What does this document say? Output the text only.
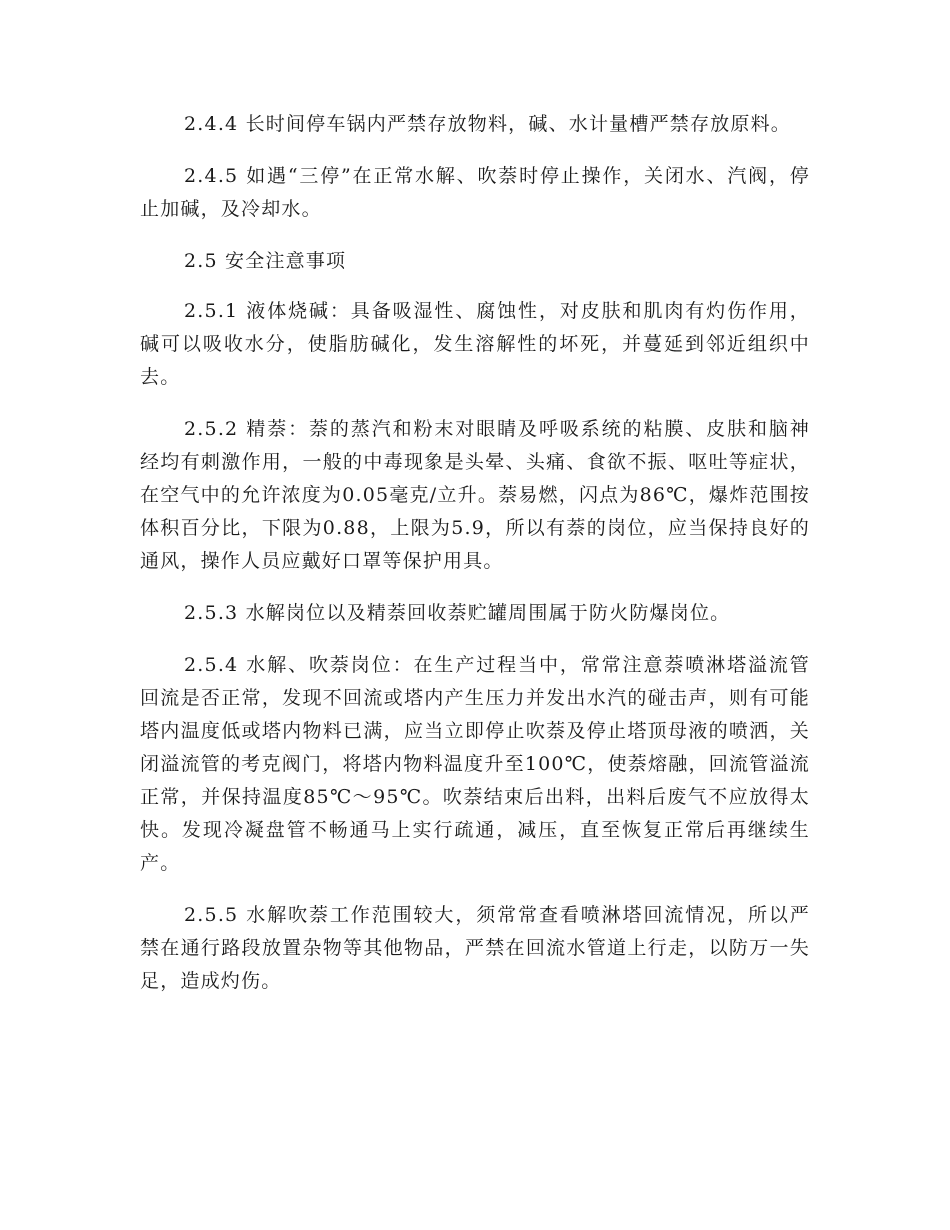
2.4.4 长时间停车锅内严禁存放物料，碱、水计量槽严禁存放原料。

2.4.5 如遇“三停”在正常水解、吹萘时停止操作，关闭水、汽阀，停止加碱，及冷却水。

2.5 安全注意事项

2.5.1 液体烧碱：具备吸湿性、腐蚀性，对皮肤和肌肉有灼伤作用，碱可以吸收水分，使脂肪碱化，发生溶解性的坏死，并蔓延到邻近组织中去。

2.5.2 精萘：萘的蒸汽和粉末对眼睛及呼吸系统的粘膜、皮肤和脑神经均有刺激作用，一般的中毒现象是头晕、头痛、食欲不振、呕吐等症状，在空气中的允许浓度为0.05毫克/立升。萘易燃，闪点为86℃，爆炸范围按体积百分比，下限为0.88，上限为5.9，所以有萘的岗位，应当保持良好的通风，操作人员应戴好口罩等保护用具。

2.5.3 水解岗位以及精萘回收萘贮罐周围属于防火防爆岗位。

2.5.4 水解、吹萘岗位：在生产过程当中，常常注意萘喷淋塔溢流管回流是否正常，发现不回流或塔内产生压力并发出水汽的碰击声，则有可能塔内温度低或塔内物料已满，应当立即停止吹萘及停止塔顶母液的喷洒，关闭溢流管的考克阀门，将塔内物料温度升至100℃，使萘熔融，回流管溢流正常，并保持温度85℃～95℃。吹萘结束后出料，出料后废气不应放得太快。发现冷凝盘管不畅通马上实行疏通，减压，直至恢复正常后再继续生产。

2.5.5 水解吹萘工作范围较大，须常常查看喷淋塔回流情况，所以严禁在通行路段放置杂物等其他物品，严禁在回流水管道上行走，以防万一失足，造成灼伤。
